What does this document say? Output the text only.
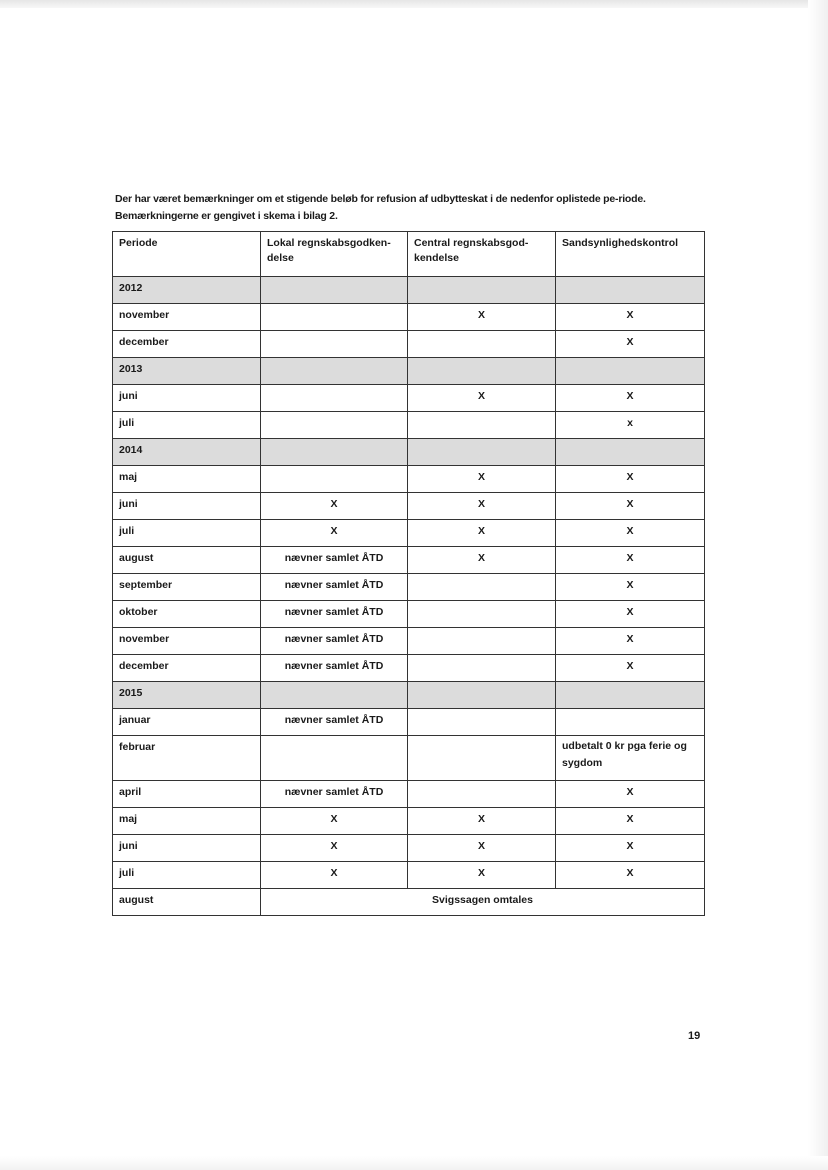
Der har været bemærkninger om et stigende beløb for refusion af udbytteskat i de nedenfor oplistede pe-riode. Bemærkningerne er gengivet i skema i bilag 2.

Periode	Lokal regnskabsgodken-delse	Central regnskabsgod-kendelse	Sandsynlighedskontrol
2012			
november		X	X
december			X
2013			
juni		X	X
juli			x
2014			
maj		X	X
juni	X	X	X
juli	X	X	X
august	nævner samlet ÅTD	X	X
september	nævner samlet ÅTD		X
oktober	nævner samlet ÅTD		X
november	nævner samlet ÅTD		X
december	nævner samlet ÅTD		X
2015			
januar	nævner samlet ÅTD		
februar			udbetalt 0 kr pga ferie og sygdom
april	nævner samlet ÅTD		X
maj	X	X	X
juni	X	X	X
juli	X	X	X
august	Svigssagen omtales		
19
